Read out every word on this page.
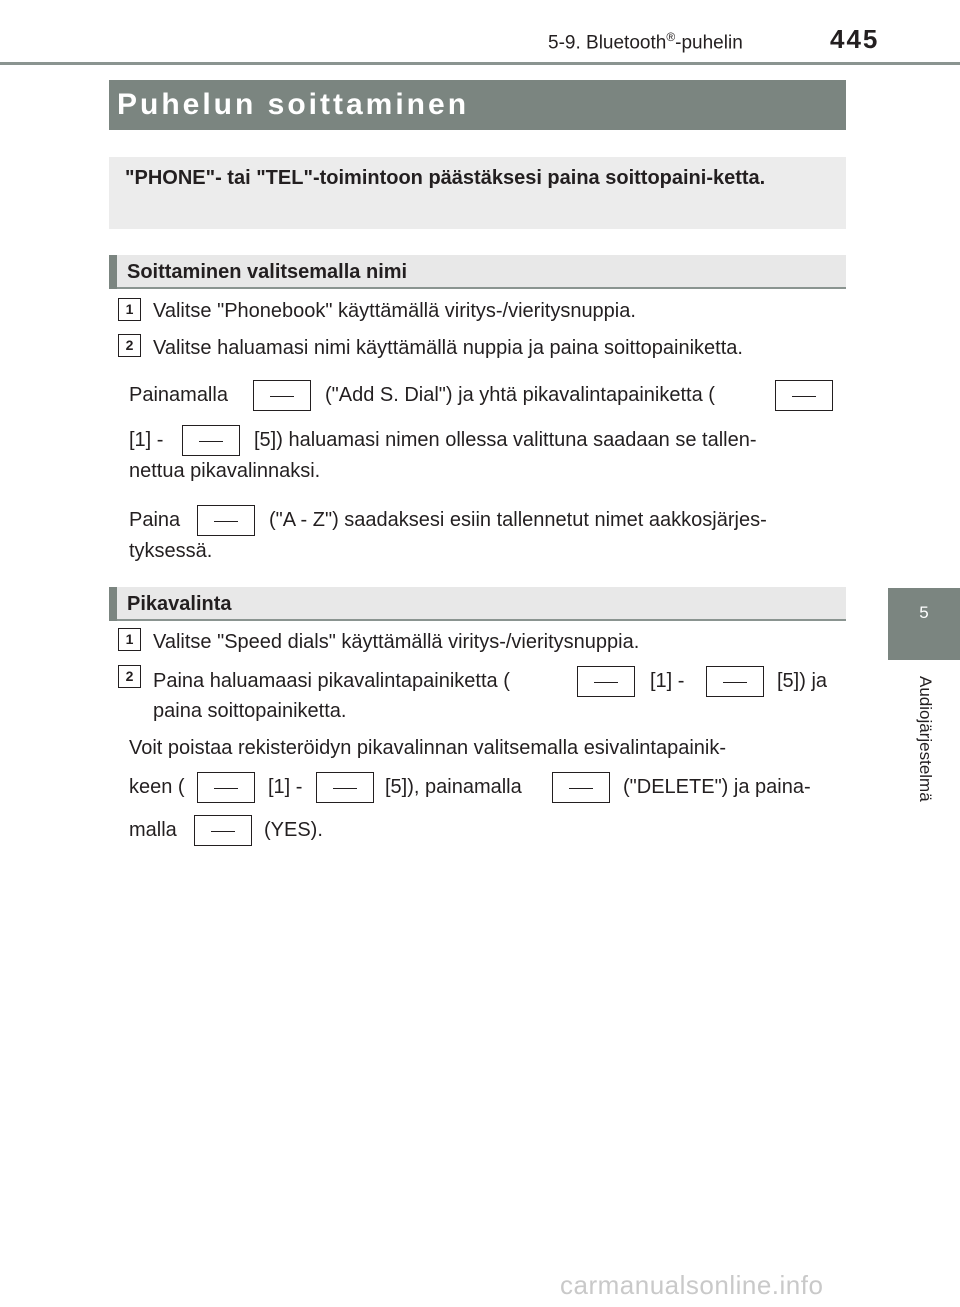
5-9. Bluetooth®-puhelin	445
5
Audiojärjestelmä
Puhelun soittaminen
"PHONE"- tai "TEL"-toimintoon päästäksesi paina soittopaini-ketta.
Soittaminen valitsemalla nimi
1 Valitse "Phonebook" käyttämällä viritys-/vieritysnuppia.
2 Valitse haluamasi nimi käyttämällä nuppia ja paina soittopainiketta.
Painamalla	("Add S. Dial") ja yhtä pikavalintapainiketta (
[1] -	[5]) haluamasi nimen ollessa valittuna saadaan se tallen-
nettua pikavalinnaksi.
Paina	("A - Z") saadaksesi esiin tallennetut nimet aakkosjärjes-
tyksessä.
Pikavalinta
1 Valitse "Speed dials" käyttämällä viritys-/vieritysnuppia.
2 Paina haluamaasi pikavalintapainiketta (	[1] -	[5]) ja
paina soittopainiketta.
Voit poistaa rekisteröidyn pikavalinnan valitsemalla esivalintapainik-
keen (	[1] -	[5]), painamalla	("DELETE") ja paina-
malla	(YES).
carmanualsonline.info
